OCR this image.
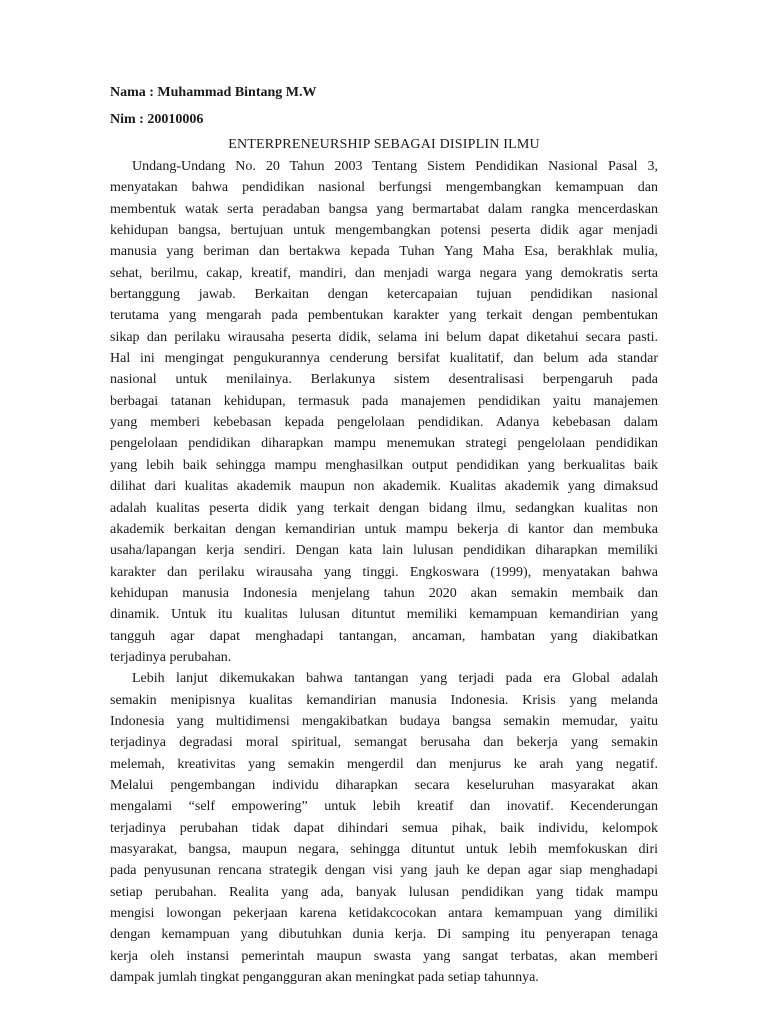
Nama : Muhammad Bintang M.W
Nim : 20010006
ENTERPRENEURSHIP SEBAGAI DISIPLIN ILMU
Undang-Undang No. 20 Tahun 2003 Tentang Sistem Pendidikan Nasional Pasal 3,
menyatakan bahwa pendidikan nasional berfungsi mengembangkan kemampuan dan
membentuk watak serta peradaban bangsa yang bermartabat dalam rangka mencerdaskan
kehidupan bangsa, bertujuan untuk mengembangkan potensi peserta didik agar menjadi
manusia yang beriman dan bertakwa kepada Tuhan Yang Maha Esa, berakhlak mulia,
sehat, berilmu, cakap, kreatif, mandiri, dan menjadi warga negara yang demokratis serta
bertanggung jawab. Berkaitan dengan ketercapaian tujuan pendidikan nasional
terutama yang mengarah pada pembentukan karakter yang terkait dengan pembentukan
sikap dan perilaku wirausaha peserta didik, selama ini belum dapat diketahui secara pasti.
Hal ini mengingat pengukurannya cenderung bersifat kualitatif, dan belum ada standar
nasional untuk menilainya. Berlakunya sistem desentralisasi berpengaruh pada
berbagai tatanan kehidupan, termasuk pada manajemen pendidikan yaitu manajemen
yang memberi kebebasan kepada pengelolaan pendidikan. Adanya kebebasan dalam
pengelolaan pendidikan diharapkan mampu menemukan strategi pengelolaan pendidikan
yang lebih baik sehingga mampu menghasilkan output pendidikan yang berkualitas baik
dilihat dari kualitas akademik maupun non akademik. Kualitas akademik yang dimaksud
adalah kualitas peserta didik yang terkait dengan bidang ilmu, sedangkan kualitas non
akademik berkaitan dengan kemandirian untuk mampu bekerja di kantor dan membuka
usaha/lapangan kerja sendiri. Dengan kata lain lulusan pendidikan diharapkan memiliki
karakter dan perilaku wirausaha yang tinggi. Engkoswara (1999), menyatakan bahwa
kehidupan manusia Indonesia menjelang tahun 2020 akan semakin membaik dan
dinamik. Untuk itu kualitas lulusan dituntut memiliki kemampuan kemandirian yang
tangguh agar dapat menghadapi tantangan, ancaman, hambatan yang diakibatkan
terjadinya perubahan.
Lebih lanjut dikemukakan bahwa tantangan yang terjadi pada era Global adalah
semakin menipisnya kualitas kemandirian manusia Indonesia. Krisis yang melanda
Indonesia yang multidimensi mengakibatkan budaya bangsa semakin memudar, yaitu
terjadinya degradasi moral spiritual, semangat berusaha dan bekerja yang semakin
melemah, kreativitas yang semakin mengerdil dan menjurus ke arah yang negatif.
Melalui pengembangan individu diharapkan secara keseluruhan masyarakat akan
mengalami “self empowering” untuk lebih kreatif dan inovatif. Kecenderungan
terjadinya perubahan tidak dapat dihindari semua pihak, baik individu, kelompok
masyarakat, bangsa, maupun negara, sehingga dituntut untuk lebih memfokuskan diri
pada penyusunan rencana strategik dengan visi yang jauh ke depan agar siap menghadapi
setiap perubahan. Realita yang ada, banyak lulusan pendidikan yang tidak mampu
mengisi lowongan pekerjaan karena ketidakcocokan antara kemampuan yang dimiliki
dengan kemampuan yang dibutuhkan dunia kerja. Di samping itu penyerapan tenaga
kerja oleh instansi pemerintah maupun swasta yang sangat terbatas, akan memberi
dampak jumlah tingkat pengangguran akan meningkat pada setiap tahunnya.
